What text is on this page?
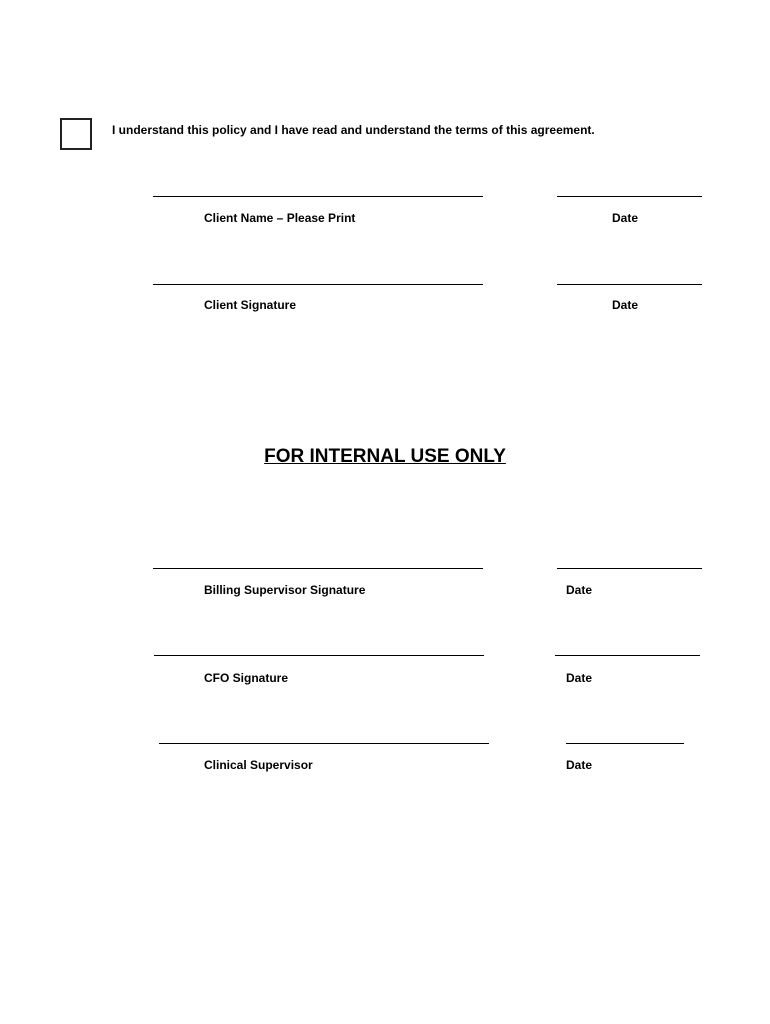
I understand this policy and I have read and understand the terms of this agreement.
Client Name – Please Print	Date
Client Signature	Date
FOR INTERNAL USE ONLY
Billing Supervisor Signature	Date
CFO Signature	Date
Clinical Supervisor	Date
